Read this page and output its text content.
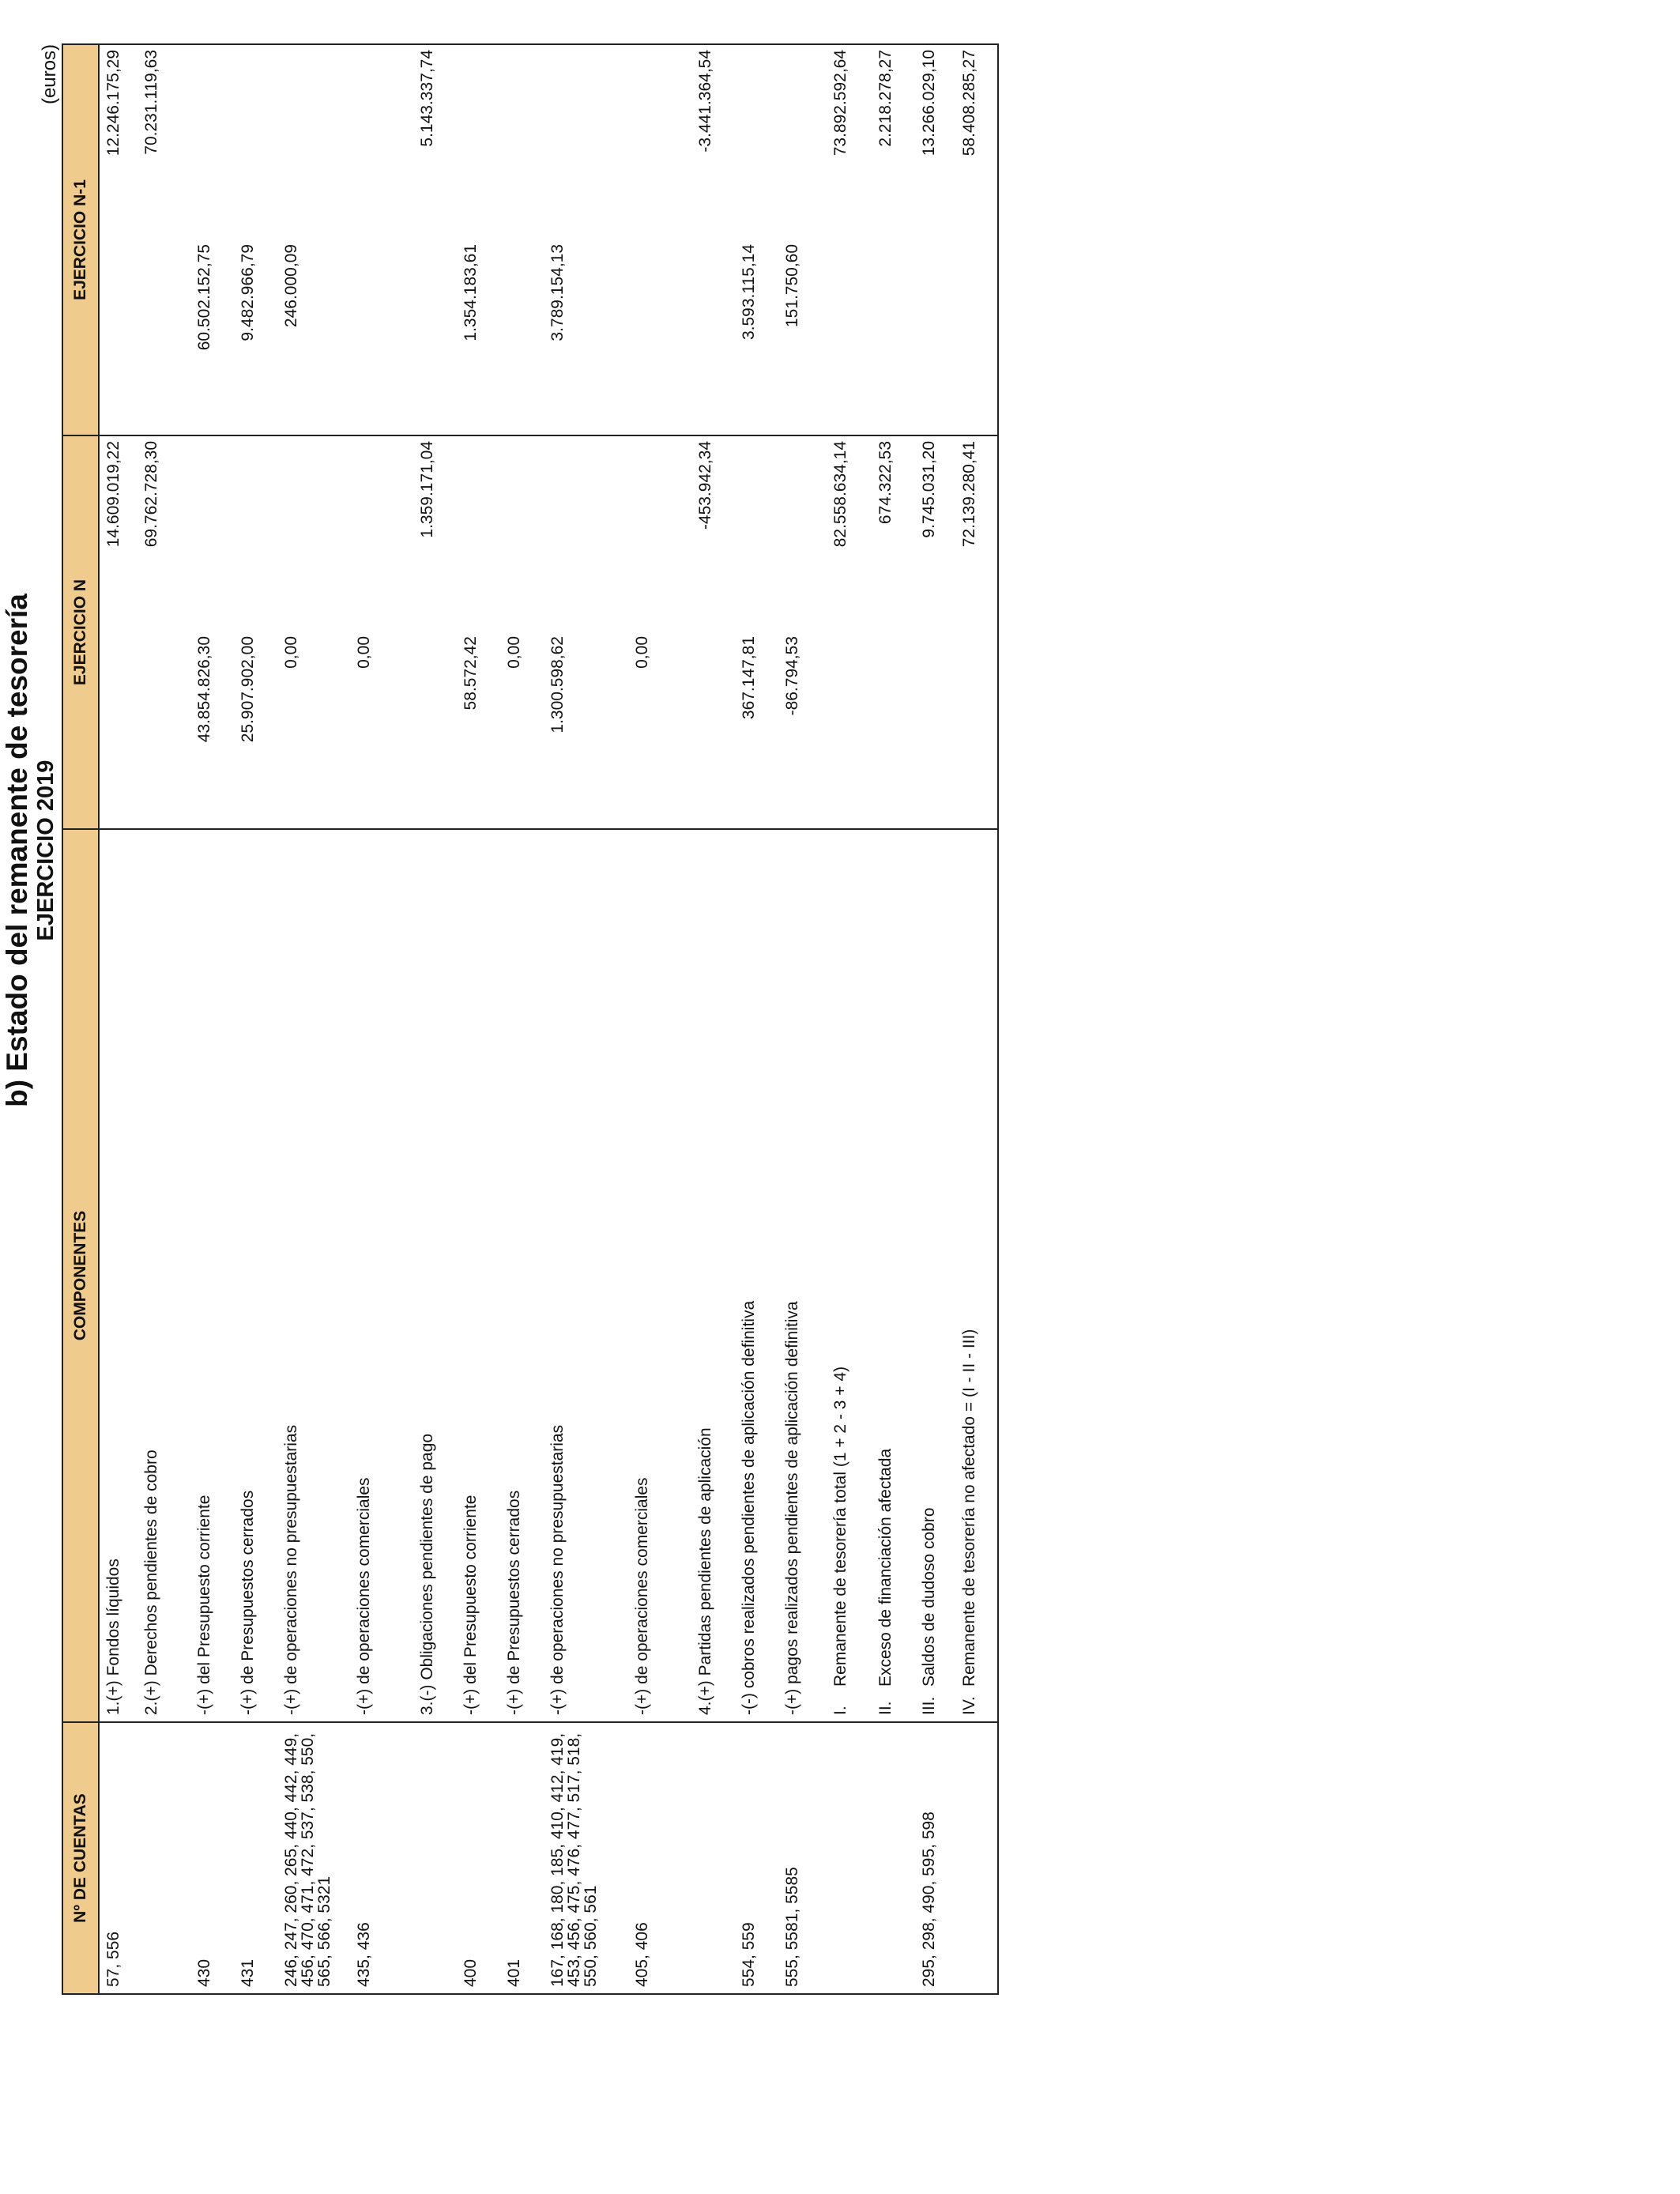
b) Estado del remanente de tesorería EJERCICIO 2019
(euros)
Nº DE CUENTAS	COMPONENTES	EJERCICIO N		EJERCICIO N-1	
57, 556	1.(+) Fondos líquidos		14.609.019,22		12.246.175,29
	2.(+) Derechos pendientes de cobro		69.762.728,30		70.231.119,63
430	-(+) del Presupuesto corriente	43.854.826,30		60.502.152,75	
431	-(+) de Presupuestos cerrados	25.907.902,00		9.482.966,79	
246, 247, 260, 265, 440, 442, 449, 456, 470, 471, 472, 537, 538, 550, 565, 566, 5321	-(+) de operaciones no presupuestarias	0,00		246.000,09	
435, 436	-(+) de operaciones comerciales	0,00			
	3.(-) Obligaciones pendientes de pago		1.359.171,04		5.143.337,74
400	-(+) del Presupuesto corriente	58.572,42		1.354.183,61	
401	-(+) de Presupuestos cerrados	0,00			
167, 168, 180, 185, 410, 412, 419, 453, 456, 475, 476, 477, 517, 518, 550, 560, 561	-(+) de operaciones no presupuestarias	1.300.598,62		3.789.154,13	
405, 406	-(+) de operaciones comerciales	0,00			
	4.(+) Partidas pendientes de aplicación		-453.942,34		-3.441.364,54
554, 559	-(-) cobros realizados pendientes de aplicación definitiva	367.147,81		3.593.115,14	
555, 5581, 5585	-(+) pagos realizados pendientes de aplicación definitiva	-86.794,53		151.750,60	
	I.Remanente de tesorería total (1 + 2 - 3 + 4)		82.558.634,14		73.892.592,64
	II.Exceso de financiación afectada		674.322,53		2.218.278,27
295, 298, 490, 595, 598	III.Saldos de dudoso cobro		9.745.031,20		13.266.029,10
	IV.Remanente de tesorería no afectado = (I - II - III)		72.139.280,41		58.408.285,27
